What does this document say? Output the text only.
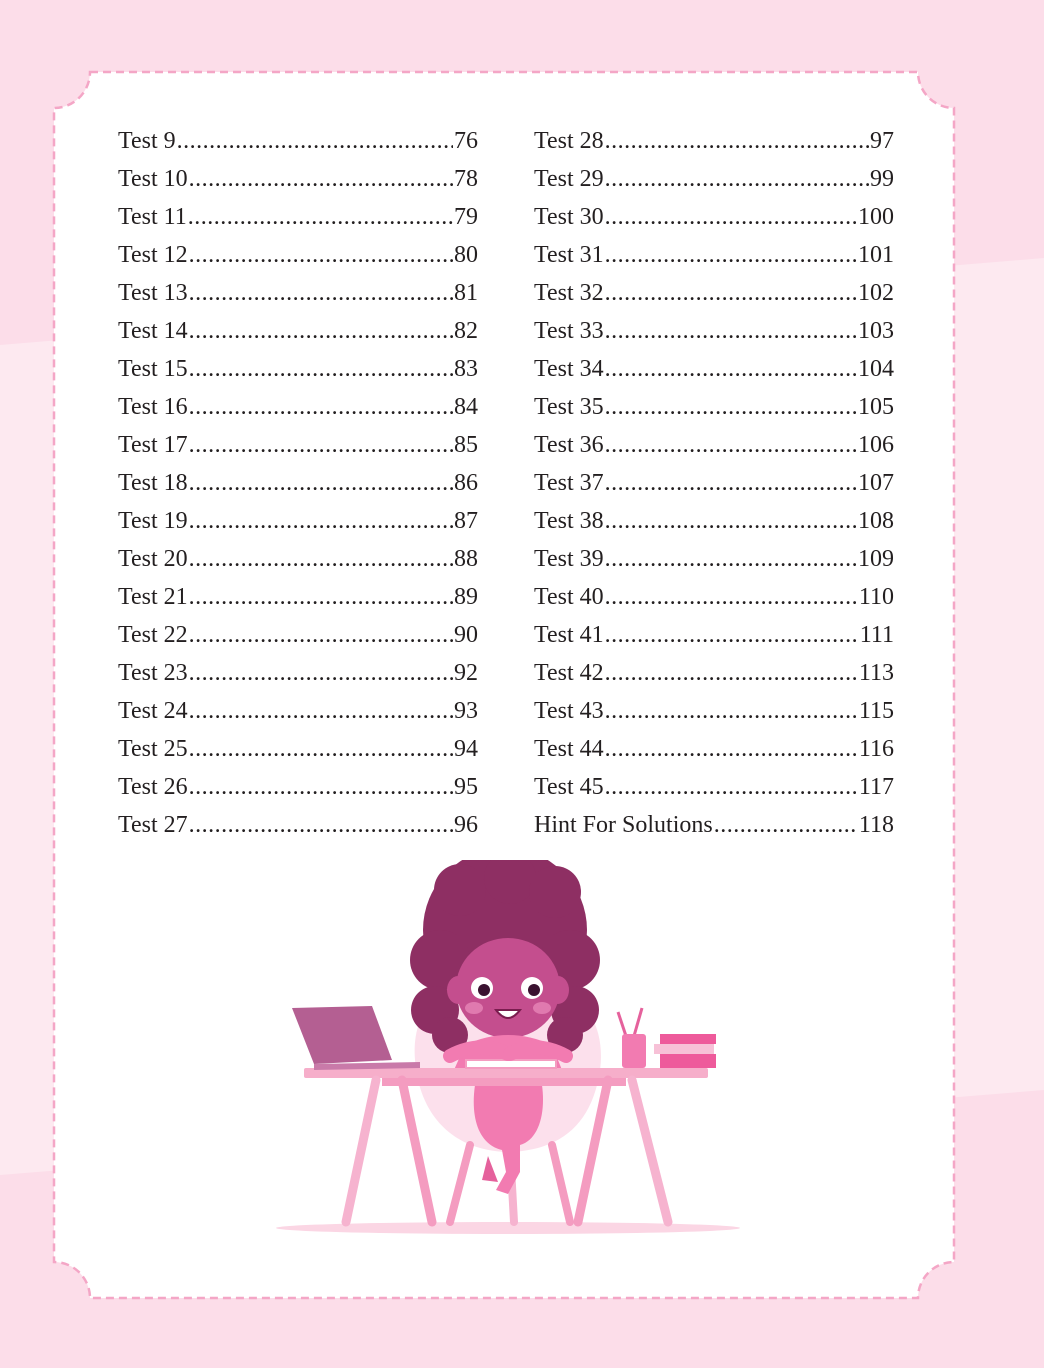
Test 9 .....	76
Test 10 .....	78
Test 11 .....	79
Test 12 .....	80
Test 13 .....	81
Test 14 .....	82
Test 15 .....	83
Test 16 .....	84
Test 17 .....	85
Test 18 .....	86
Test 19 .....	87
Test 20 .....	88
Test 21 .....	89
Test 22 .....	90
Test 23 .....	92
Test 24 .....	93
Test 25 .....	94
Test 26 .....	95
Test 27 .....	96
Test 28 .....	97
Test 29 .....	99
Test 30 .....	100
Test 31 .....	101
Test 32 .....	102
Test 33 .....	103
Test 34 .....	104
Test 35 .....	105
Test 36 .....	106
Test 37 .....	107
Test 38 .....	108
Test 39 .....	109
Test 40 .....	110
Test 41 .....	111
Test 42 .....	113
Test 43 .....	115
Test 44 .....	116
Test 45 .....	117
Hint For Solutions .....	118
